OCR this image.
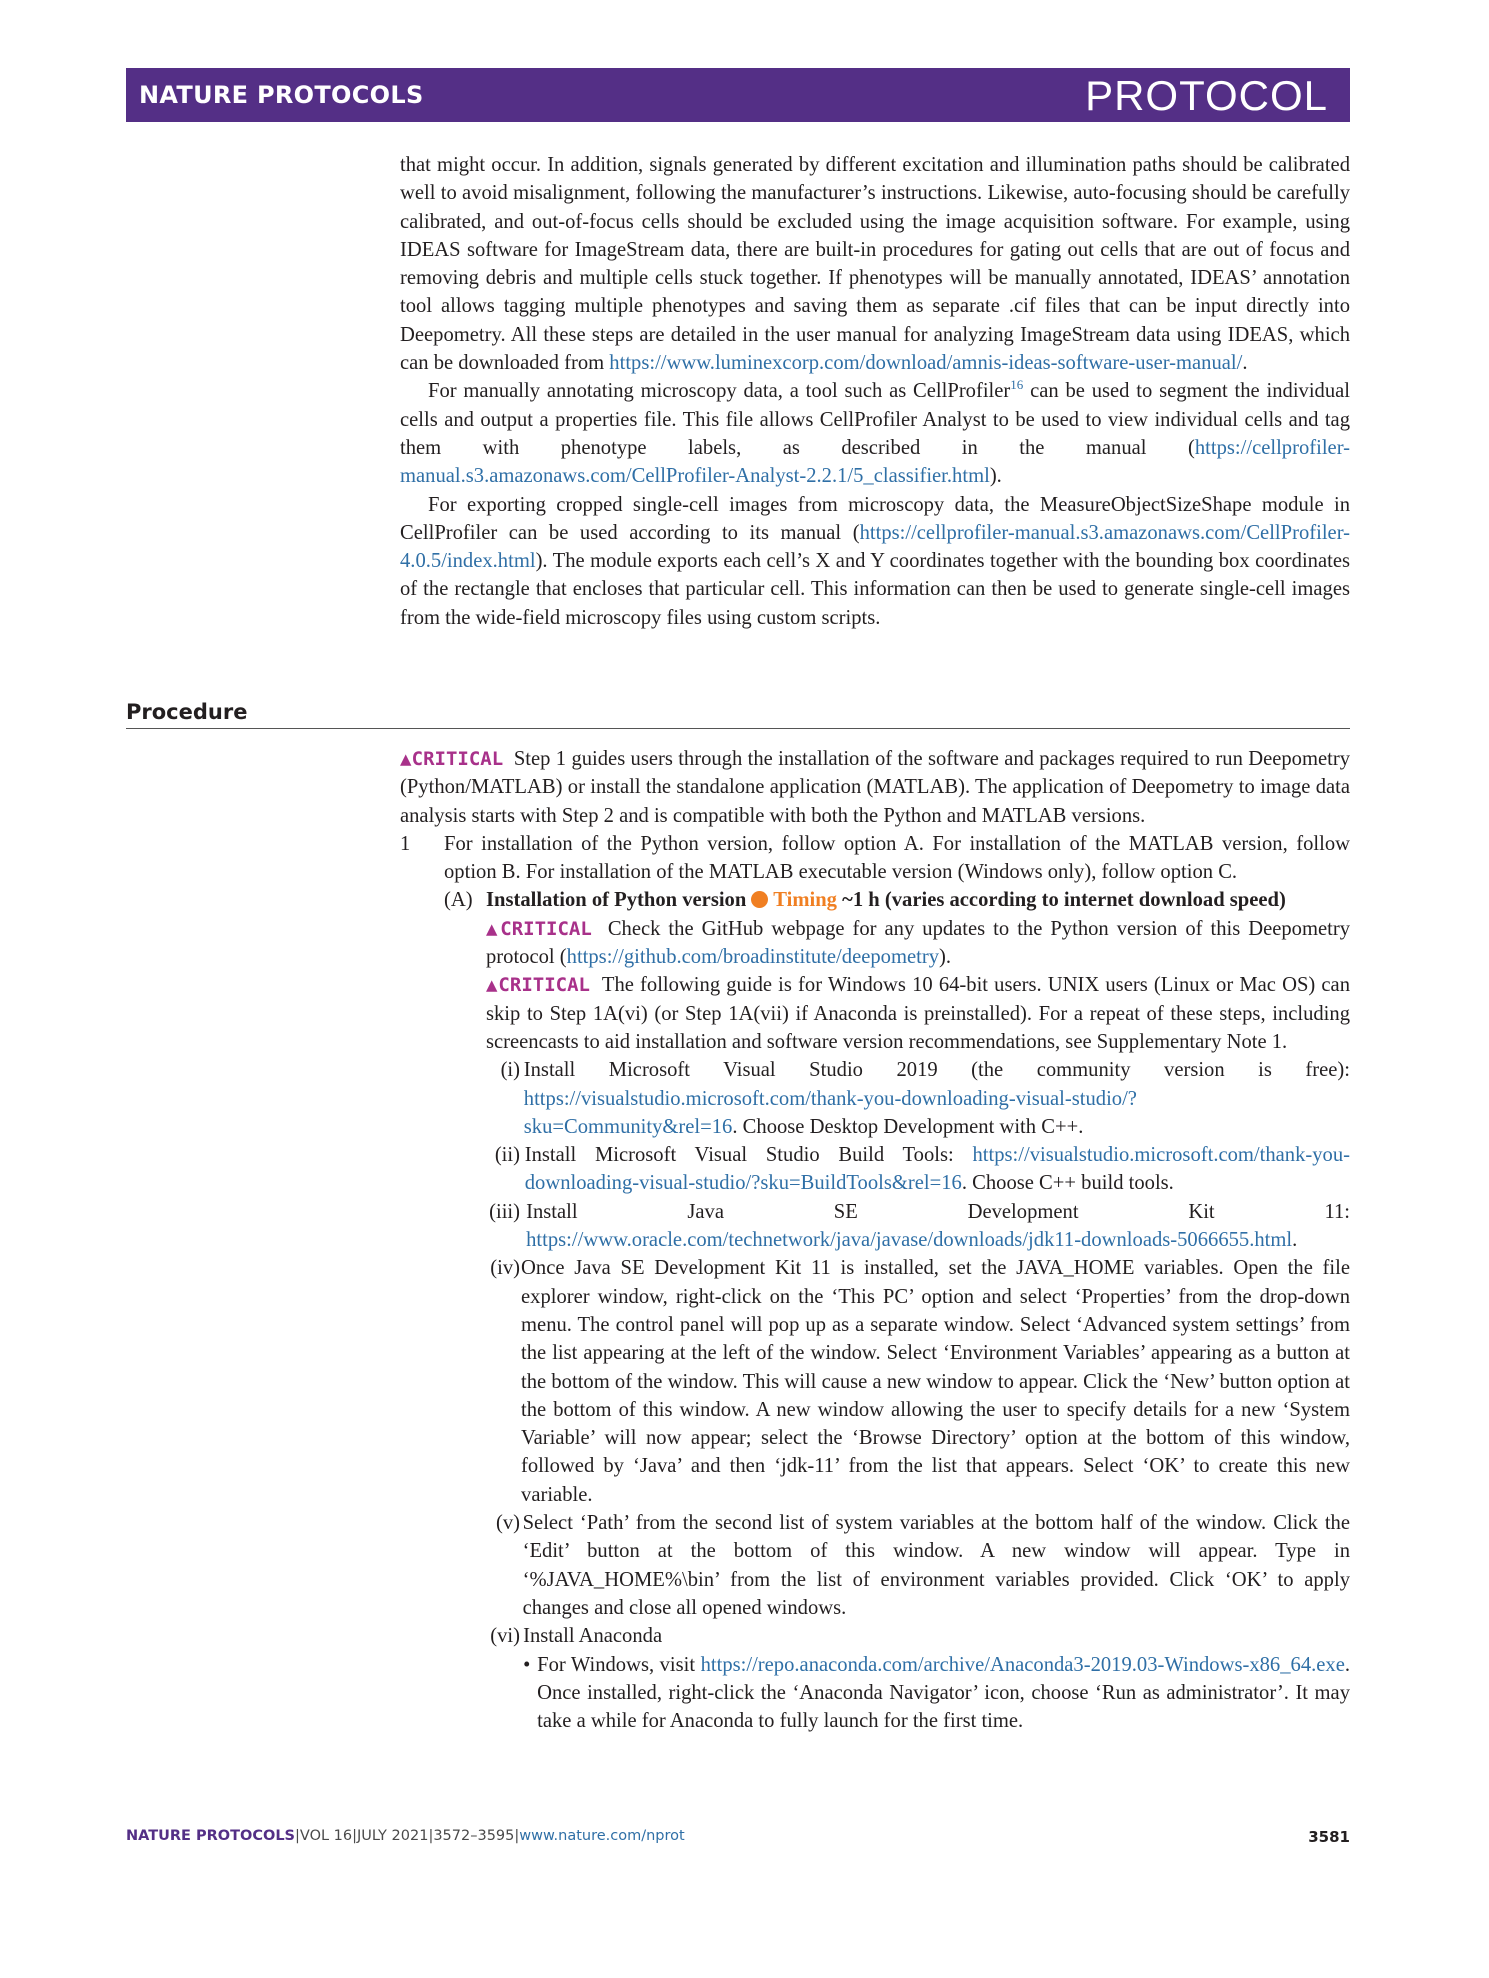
NATURE PROTOCOLS	PROTOCOL

that might occur. In addition, signals generated by different excitation and illumination paths should be calibrated well to avoid misalignment, following the manufacturer’s instructions. Likewise, auto-focusing should be carefully calibrated, and out-of-focus cells should be excluded using the image acquisition software. For example, using IDEAS software for ImageStream data, there are built-in procedures for gating out cells that are out of focus and removing debris and multiple cells stuck together. If phenotypes will be manually annotated, IDEAS’ annotation tool allows tagging multiple phenotypes and saving them as separate .cif files that can be input directly into Deepometry. All these steps are detailed in the user manual for analyzing ImageStream data using IDEAS, which can be downloaded from https://www.luminexcorp.com/download/amnis-ideas-software-user-manual/.

For manually annotating microscopy data, a tool such as CellProfiler$^{16}$ can be used to segment the individual cells and output a properties file. This file allows CellProfiler Analyst to be used to view individual cells and tag them with phenotype labels, as described in the manual (https://cellprofiler-manual.s3.amazonaws.com/CellProfiler-Analyst-2.2.1/5_classifier.html).

For exporting cropped single-cell images from microscopy data, the MeasureObjectSizeShape module in CellProfiler can be used according to its manual (https://cellprofiler-manual.s3.amazonaws.com/CellProfiler-4.0.5/index.html). The module exports each cell’s X and Y coordinates together with the bounding box coordinates of the rectangle that encloses that particular cell. This information can then be used to generate single-cell images from the wide-field microscopy files using custom scripts.

Procedure

▲CRITICAL Step 1 guides users through the installation of the software and packages required to run Deepometry (Python/MATLAB) or install the standalone application (MATLAB). The application of Deepometry to image data analysis starts with Step 2 and is compatible with both the Python and MATLAB versions.

1	For installation of the Python version, follow option A. For installation of the MATLAB version, follow option B. For installation of the MATLAB executable version (Windows only), follow option C.

(A) Installation of Python version Timing ~1 h (varies according to internet download speed)

▲CRITICAL Check the GitHub webpage for any updates to the Python version of this Deepometry protocol (https://github.com/broadinstitute/deepometry).

▲CRITICAL The following guide is for Windows 10 64-bit users. UNIX users (Linux or Mac OS) can skip to Step 1A(vi) (or Step 1A(vii) if Anaconda is preinstalled). For a repeat of these steps, including screencasts to aid installation and software version recommendations, see Supplementary Note 1.

(i) Install Microsoft Visual Studio 2019 (the community version is free): https://visualstudio.microsoft.com/thank-you-downloading-visual-studio/?sku=Community&rel=16. Choose Desktop Development with C++.

(ii) Install Microsoft Visual Studio Build Tools: https://visualstudio.microsoft.com/thank-you-downloading-visual-studio/?sku=BuildTools&rel=16. Choose C++ build tools.

(iii) Install Java SE Development Kit 11: https://www.oracle.com/technetwork/java/javase/downloads/jdk11-downloads-5066655.html.

(iv) Once Java SE Development Kit 11 is installed, set the JAVA_HOME variables. Open the file explorer window, right-click on the ‘This PC’ option and select ‘Properties’ from the drop-down menu. The control panel will pop up as a separate window. Select ‘Advanced system settings’ from the list appearing at the left of the window. Select ‘Environment Variables’ appearing as a button at the bottom of the window. This will cause a new window to appear. Click the ‘New’ button option at the bottom of this window. A new window allowing the user to specify details for a new ‘System Variable’ will now appear; select the ‘Browse Directory’ option at the bottom of this window, followed by ‘Java’ and then ‘jdk-11’ from the list that appears. Select ‘OK’ to create this new variable.

(v) Select ‘Path’ from the second list of system variables at the bottom half of the window. Click the ‘Edit’ button at the bottom of this window. A new window will appear. Type in ‘%JAVA_HOME%\bin’ from the list of environment variables provided. Click ‘OK’ to apply changes and close all opened windows.

(vi) Install Anaconda

• For Windows, visit https://repo.anaconda.com/archive/Anaconda3-2019.03-Windows-x86_64.exe. Once installed, right-click the ‘Anaconda Navigator’ icon, choose ‘Run as administrator’. It may take a while for Anaconda to fully launch for the first time.

NATURE PROTOCOLS|VOL 16|JULY 2021|3572–3595|www.nature.com/nprot	3581
